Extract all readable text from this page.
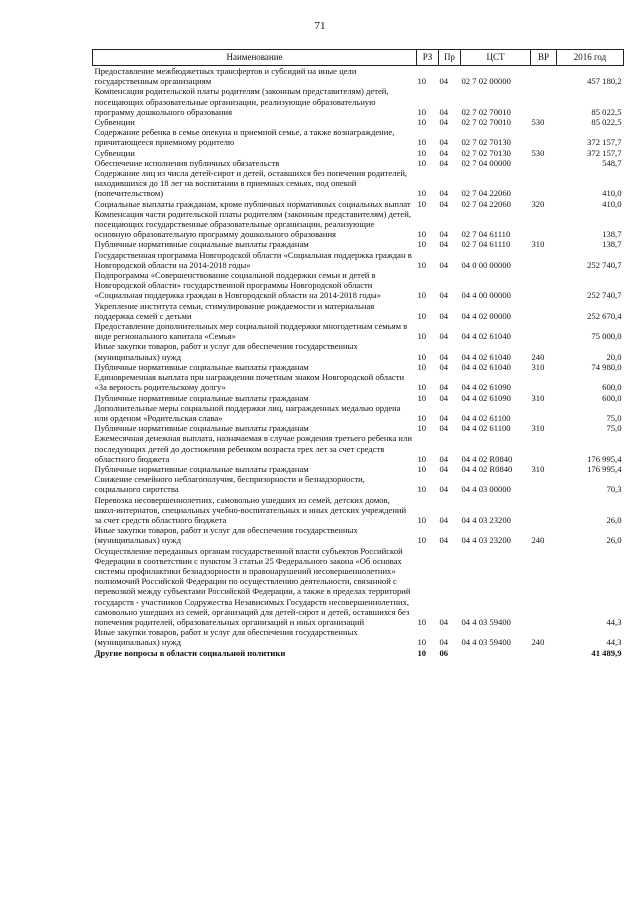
71
Наименование	РЗ	Пр	ЦСТ	ВР	2016 год
Предоставление межбюджетных трансфертов и субсидий на иные цели государственным организациям	10	04	02 7 02 00000		457 180,2
Компенсация родительской платы родителям (законным представителям) детей, посещающих образовательные организации, реализующие образовательную программу дошкольного образования	10	04	02 7 02 70010		85 022,5
Субвенции	10	04	02 7 02 70010	530	85 022,5
Содержание ребенка в семье опекуна и приемной семье, а также вознаграждение, причитающееся приемному родителю	10	04	02 7 02 70130		372 157,7
Субвенции	10	04	02 7 02 70130	530	372 157,7
Обеспечение исполнения публичных обязательств	10	04	02 7 04 00000		548,7
Содержание лиц из числа детей-сирот и детей, оставшихся без попечения родителей, находившихся до 18 лет на воспитании в приемных семьях, под опекой (попечительством)	10	04	02 7 04 22060		410,0
Социальные выплаты гражданам, кроме публичных нормативных социальных выплат	10	04	02 7 04 22060	320	410,0
Компенсация части родительской платы родителям (законным представителям) детей, посещающих государственные образовательные организации, реализующие основную образовательную программу дошкольного образования	10	04	02 7 04 61110		138,7
Публичные нормативные социальные выплаты гражданам	10	04	02 7 04 61110	310	138,7
Государственная программа Новгородской области «Социальная поддержка граждан в Новгородской области на 2014-2018 годы»	10	04	04 0 00 00000		252 740,7
Подпрограмма «Совершенствование социальной поддержки семьи и детей в Новгородской области» государственной программы Новгородской области «Социальная поддержка граждан в Новгородской области на 2014-2018 годы»	10	04	04 4 00 00000		252 740,7
Укрепление института семьи, стимулирование рождаемости и материальная поддержка семей с детьми	10	04	04 4 02 00000		252 670,4
Предоставление дополнительных мер социальной поддержки многодетным семьям в виде регионального капитала «Семья»	10	04	04 4 02 61040		75 000,0
Иные закупки товаров, работ и услуг для обеспечения государственных (муниципальных) нужд	10	04	04 4 02 61040	240	20,0
Публичные нормативные социальные выплаты гражданам	10	04	04 4 02 61040	310	74 980,0
Единовременная выплата при награждении почетным знаком Новгородской области «За верность родительскому долгу»	10	04	04 4 02 61090		600,0
Публичные нормативные социальные выплаты гражданам	10	04	04 4 02 61090	310	600,0
Дополнительные меры социальной поддержки лиц, награжденных медалью ордена или орденом «Родительская слава»	10	04	04 4 02 61100		75,0
Публичные нормативные социальные выплаты гражданам	10	04	04 4 02 61100	310	75,0
Ежемесячная денежная выплата, назначаемая в случае рождения третьего ребенка или последующих детей до достижения ребенком возраста трех лет за счет средств областного бюджета	10	04	04 4 02 R0840		176 995,4
Публичные нормативные социальные выплаты гражданам	10	04	04 4 02 R0840	310	176 995,4
Снижение семейного неблагополучия, беспризорности и безнадзорности, социального сиротства	10	04	04 4 03 00000		70,3
Перевозка несовершеннолетних, самовольно ушедших из семей, детских домов, школ-интернатов, специальных учебно-воспитательных и иных детских учреждений за счет средств областного бюджета	10	04	04 4 03 23200		26,0
Иные закупки товаров, работ и услуг для обеспечения государственных (муниципальных) нужд	10	04	04 4 03 23200	240	26,0
Осуществление переданных органам государственной власти субъектов Российской Федерации в соответствии с пунктом 3 статьи 25 Федерального закона «Об основах системы профилактики безнадзорности и правонарушений несовершеннолетних» полномочий Российской Федерации по осуществлению деятельности, связанной с перевозкой между субъектами Российской Федерации, а также в пределах территорий государств - участников Содружества Независимых Государств несовершеннолетних, самовольно ушедших из семей, организаций для детей-сирот и детей, оставшихся без попечения родителей, образовательных организаций и иных организаций	10	04	04 4 03 59400		44,3
Иные закупки товаров, работ и услуг для обеспечения государственных (муниципальных) нужд	10	04	04 4 03 59400	240	44,3
Другие вопросы в области социальной политики	10	06			41 489,9
